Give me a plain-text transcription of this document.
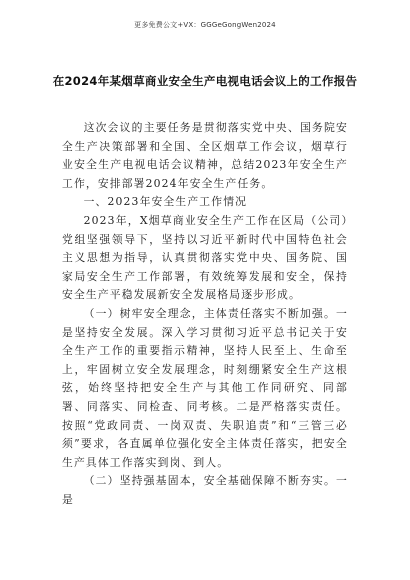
更多免费公文+VX：GGGeGongWen2024
在2024年某烟草商业安全生产电视电话会议上的工作报告

这次会议的主要任务是贯彻落实党中央、国务院安全生产决策部署和全国、全区烟草工作会议，烟草行业安全生产电视电话会议精神，总结2023年安全生产工作，安排部署2024年安全生产任务。

一、2023年安全生产工作情况

2023年，X烟草商业安全生产工作在区局（公司）党组坚强领导下，坚持以习近平新时代中国特色社会主义思想为指导，认真贯彻落实党中央、国务院、国家局安全生产工作部署，有效统筹发展和安全，保持安全生产平稳发展新安全发展格局逐步形成。

（一）树牢安全理念，主体责任落实不断加强。一是坚持安全发展。深入学习贯彻习近平总书记关于安全生产工作的重要指示精神，坚持人民至上、生命至上，牢固树立安全发展理念，时刻绷紧安全生产这根弦，始终坚持把安全生产与其他工作同研究、同部署、同落实、同检查、同考核。二是严格落实责任。按照“党政同责、一岗双责、失职追责”和“三管三必须”要求，各直属单位强化安全主体责任落实，把安全生产具体工作落实到岗、到人。

（二）坚持强基固本，安全基础保障不断夯实。一是
